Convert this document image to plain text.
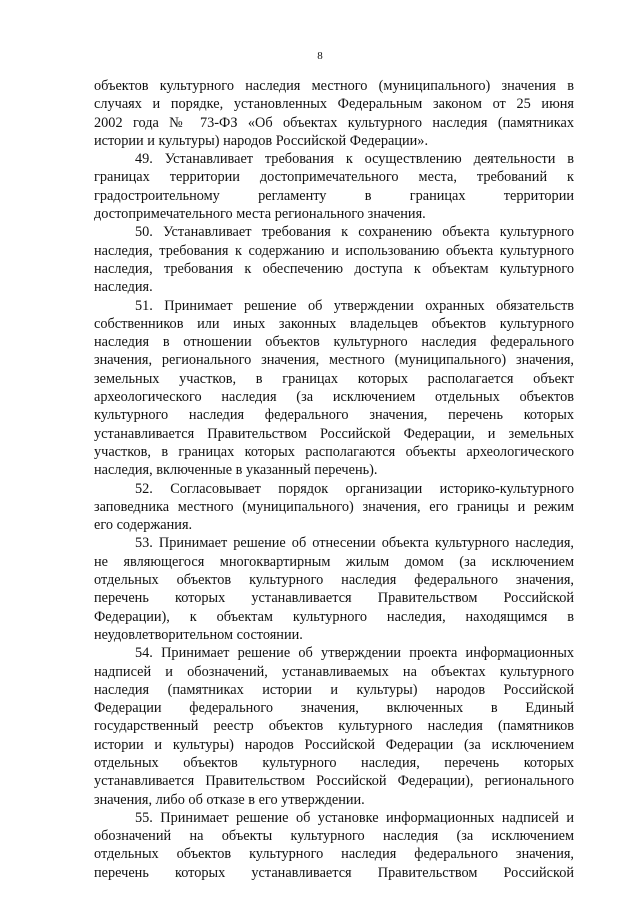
8

объектов культурного наследия местного (муниципального) значения в
случаях и порядке, установленных Федеральным законом от 25 июня
2002 года № 73-ФЗ «Об объектах культурного наследия (памятниках
истории и культуры) народов Российской Федерации».

49. Устанавливает требования к осуществлению деятельности в
границах территории достопримечательного места, требований к
градостроительному регламенту в границах территории
достопримечательного места регионального значения.

50. Устанавливает требования к сохранению объекта культурного
наследия, требования к содержанию и использованию объекта культурного
наследия, требования к обеспечению доступа к объектам культурного
наследия.

51. Принимает решение об утверждении охранных обязательств
собственников или иных законных владельцев объектов культурного
наследия в отношении объектов культурного наследия федерального
значения, регионального значения, местного (муниципального) значения,
земельных участков, в границах которых располагается объект
археологического наследия (за исключением отдельных объектов
культурного наследия федерального значения, перечень которых
устанавливается Правительством Российской Федерации, и земельных
участков, в границах которых располагаются объекты археологического
наследия, включенные в указанный перечень).

52. Согласовывает порядок организации историко-культурного
заповедника местного (муниципального) значения, его границы и режим
его содержания.

53. Принимает решение об отнесении объекта культурного наследия,
не являющегося многоквартирным жилым домом (за исключением
отдельных объектов культурного наследия федерального значения,
перечень которых устанавливается Правительством Российской
Федерации), к объектам культурного наследия, находящимся в
неудовлетворительном состоянии.

54. Принимает решение об утверждении проекта информационных
надписей и обозначений, устанавливаемых на объектах культурного
наследия (памятниках истории и культуры) народов Российской
Федерации федерального значения, включенных в Единый
государственный реестр объектов культурного наследия (памятников
истории и культуры) народов Российской Федерации (за исключением
отдельных объектов культурного наследия, перечень которых
устанавливается Правительством Российской Федерации), регионального
значения, либо об отказе в его утверждении.

55. Принимает решение об установке информационных надписей и
обозначений на объекты культурного наследия (за исключением
отдельных объектов культурного наследия федерального значения,
перечень которых устанавливается Правительством Российской
